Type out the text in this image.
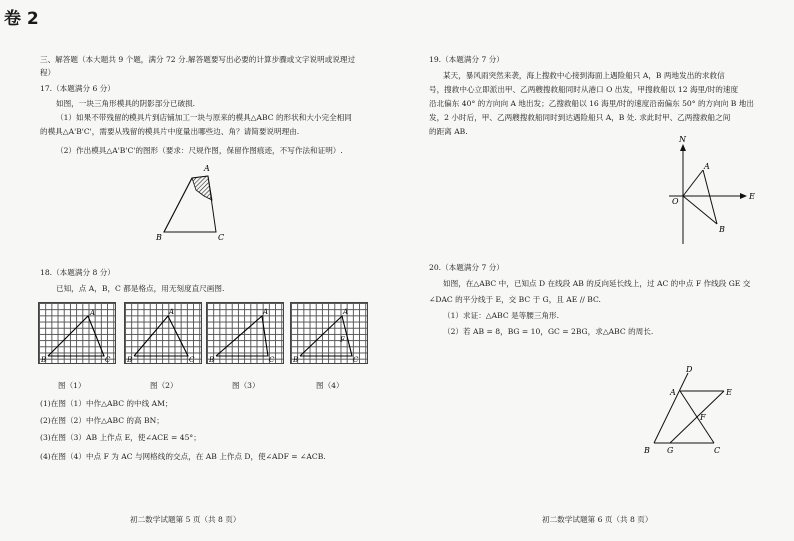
卷 2
三、解答题（本大题共 9 个题，满分 72 分.解答题要写出必要的计算步骤或文字说明或说理过
程）
17.（本题满分 6 分）
如图，一块三角形模具的阴影部分已破损.
（1）如果不带残留的模具片到店铺加工一块与原来的模具△ABC 的形状和大小完全相同
的模具△A'B'C'，需要从残留的模具片中度量出哪些边、角？请简要说明理由.
（2）作出模具△A'B'C'的图形（要求：尺规作图，保留作图痕迹，不写作法和证明）.
A
B	C
18.（本题满分 8 分）
已知，点 A，B，C 都是格点，用无刻度直尺画图.
A
B	C
A
B	C
A
B	C
A
B	C
F
图（1）	图（2）	图（3）	图（4）
(1)在图（1）中作△ABC 的中线 AM；
(2)在图（2）中作△ABC 的高 BN；
(3)在图（3）AB 上作点 E，使∠ACE = 45°；
(4)在图（4）中点 F 为 AC 与网格线的交点，在 AB 上作点 D，使∠ADF = ∠ACB.
初二数学试题第 5 页（共 8 页）
19.（本题满分 7 分）
某天，暴风雨突然来袭，海上搜救中心接到海面上遇险船只 A，B 两地发出的求救信
号，搜救中心立即派出甲、乙两艘搜救船同时从港口 O 出发，甲搜救船以 12 海里/时的速度
沿北偏东 40° 的方向向 A 地出发；乙搜救船以 16 海里/时的速度沿南偏东 50° 的方向向 B 地出
发，2 小时后，甲、乙两艘搜救船同时到达遇险船只 A，B 处. 求此时甲、乙两搜救船之间
的距离 AB.
N
E
O
A
B
20.（本题满分 7 分）
如图，在△ABC 中，已知点 D 在线段 AB 的反向延长线上，过 AC 的中点 F 作线段 GE 交
∠DAC 的平分线于 E，交 BC 于 G，且 AE // BC.
（1）求证：△ABC 是等腰三角形.
（2）若 AB = 8，BG = 10，GC = 2BG，求△ABC 的周长.
D
A	E
F
B G	C
初二数学试题第 6 页（共 8 页）
